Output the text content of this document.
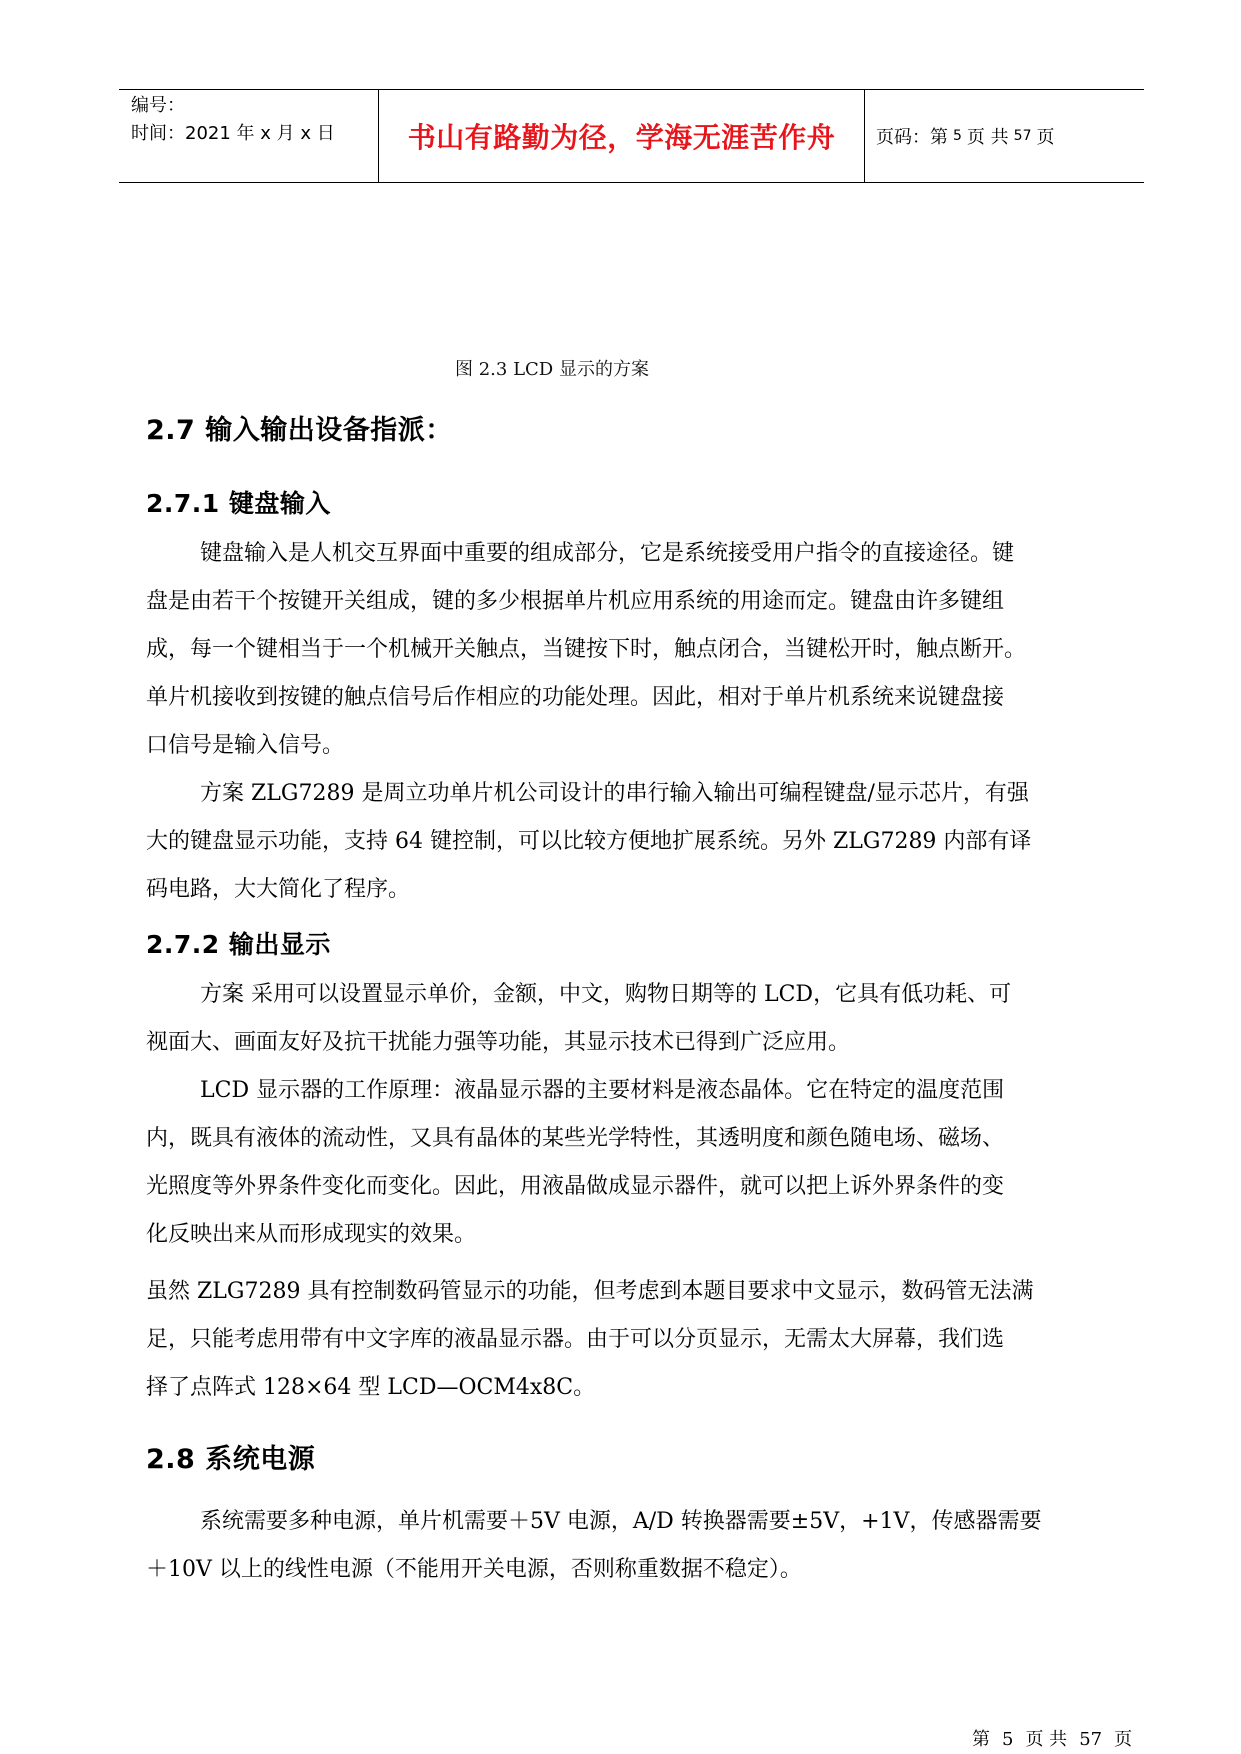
编号：
时间：2021 年 x 月 x 日	书山有路勤为径，学海无涯苦作舟	页码：第 5 页 共 57 页
图 2.3 LCD 显示的方案
2.7 输入输出设备指派：
2.7.1 键盘输入
键盘输入是人机交互界面中重要的组成部分，它是系统接受用户指令的直接途径。键
盘是由若干个按键开关组成，键的多少根据单片机应用系统的用途而定。键盘由许多键组
成，每一个键相当于一个机械开关触点，当键按下时，触点闭合，当键松开时，触点断开。
单片机接收到按键的触点信号后作相应的功能处理。因此，相对于单片机系统来说键盘接
口信号是输入信号。
方案 ZLG7289 是周立功单片机公司设计的串行输入输出可编程键盘/显示芯片，有强
大的键盘显示功能，支持 64 键控制，可以比较方便地扩展系统。另外 ZLG7289 内部有译
码电路，大大简化了程序。
2.7.2 输出显示
方案 采用可以设置显示单价，金额，中文，购物日期等的 LCD，它具有低功耗、可
视面大、画面友好及抗干扰能力强等功能，其显示技术已得到广泛应用。
LCD 显示器的工作原理：液晶显示器的主要材料是液态晶体。它在特定的温度范围
内，既具有液体的流动性，又具有晶体的某些光学特性，其透明度和颜色随电场、磁场、
光照度等外界条件变化而变化。因此，用液晶做成显示器件，就可以把上诉外界条件的变
化反映出来从而形成现实的效果。
虽然 ZLG7289 具有控制数码管显示的功能，但考虑到本题目要求中文显示，数码管无法满
足，只能考虑用带有中文字库的液晶显示器。由于可以分页显示，无需太大屏幕，我们选
择了点阵式 128×64 型 LCD—OCM4x8C。
2.8 系统电源
系统需要多种电源，单片机需要＋5V 电源，A/D 转换器需要±5V，+1V，传感器需要
＋10V 以上的线性电源（不能用开关电源，否则称重数据不稳定）。
第 5 页 共 57 页
